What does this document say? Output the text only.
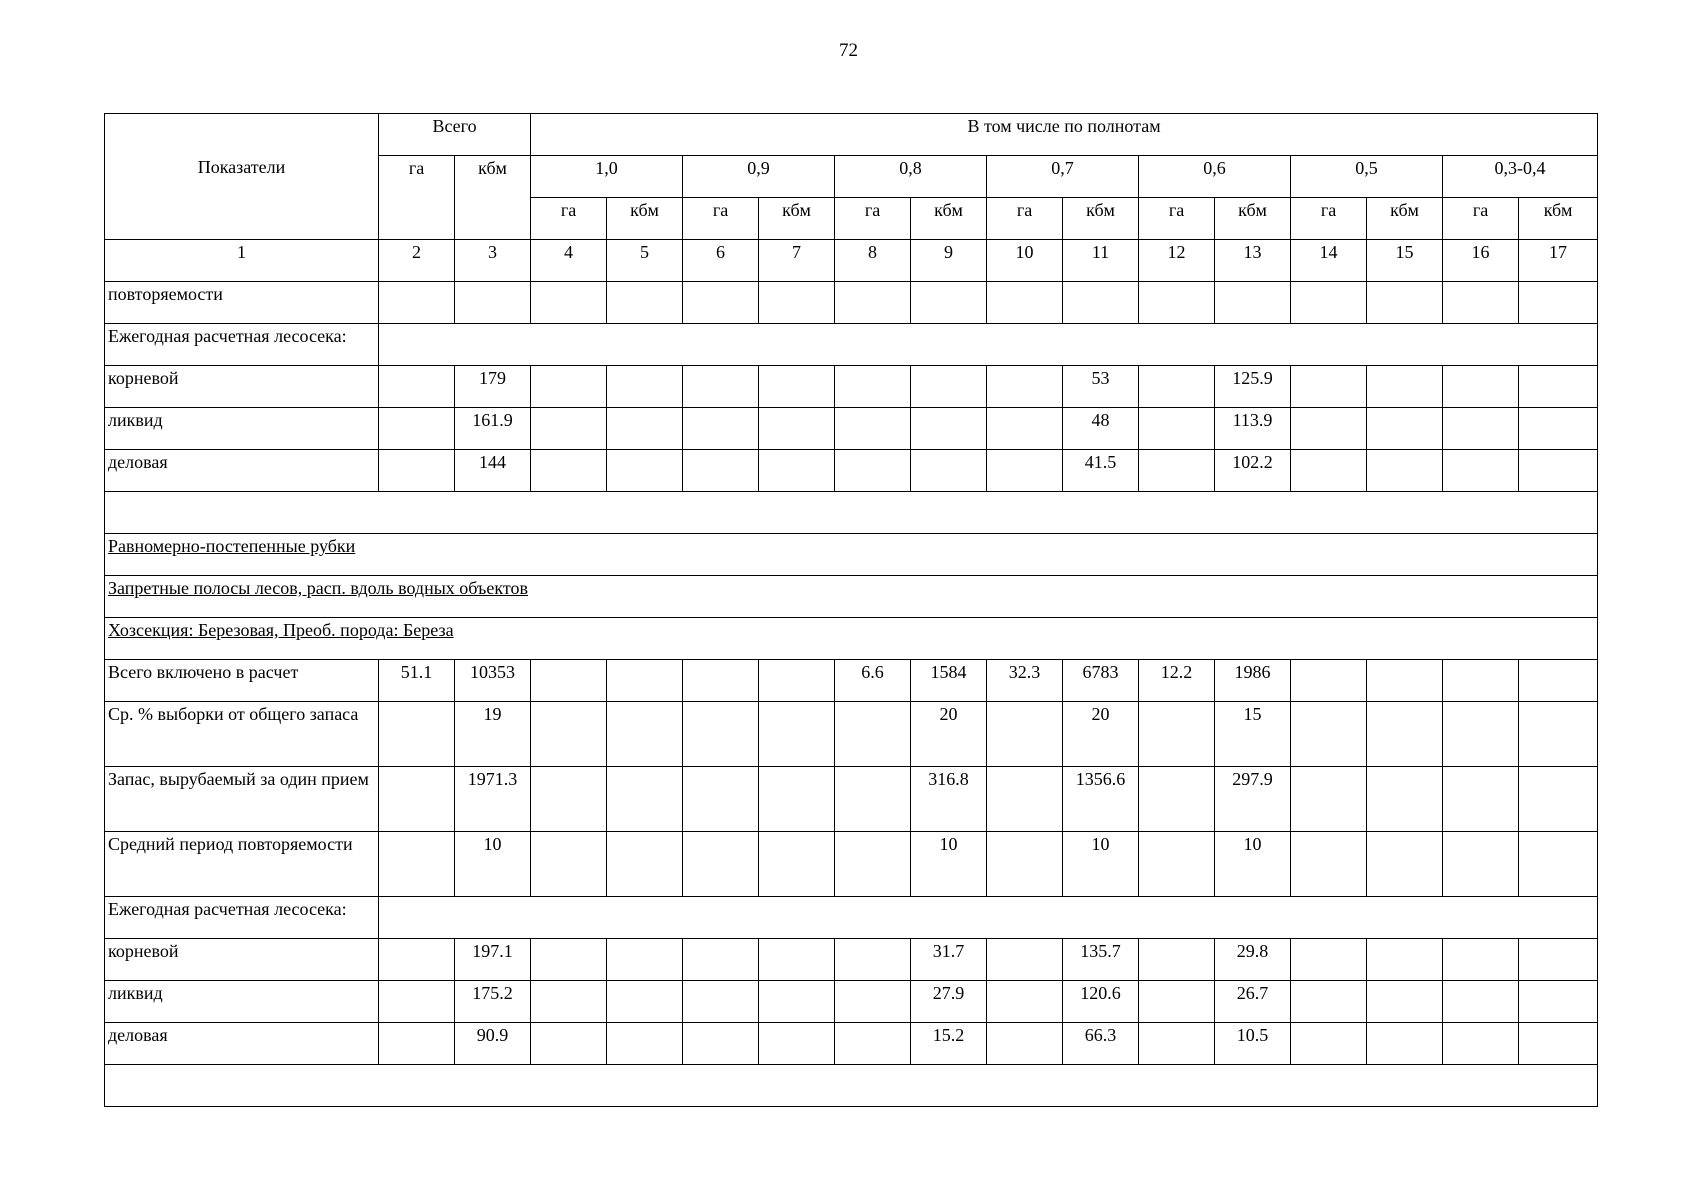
72
Показатели	Всего		В том числе по полнотам													
	га	кбм	1,0		0,9		0,8		0,7		0,6		0,5		0,3-0,4	
			га	кбм	га	кбм	га	кбм	га	кбм	га	кбм	га	кбм	га	кбм
1	2	3	4	5	6	7	8	9	10	11	12	13	14	15	16	17
повторяемости																
Ежегодная расчетная лесосека:																
корневой		179								53		125.9				
ликвид		161.9								48		113.9				
деловая		144								41.5		102.2				

Равномерно-постепенные рубки																
Запретные полосы лесов, расп. вдоль водных объектов																
Хозсекция: Березовая, Преоб. порода: Береза																
Всего включено в расчет	51.1	10353					6.6	1584	32.3	6783	12.2	1986				
Ср. % выборки от общего запаса		19						20		20		15				
Запас, вырубаемый за один прием		1971.3						316.8		1356.6		297.9				
Средний период повторяемости		10						10		10		10				
Ежегодная расчетная лесосека:																
корневой		197.1						31.7		135.7		29.8				
ликвид		175.2						27.9		120.6		26.7				
деловая		90.9						15.2		66.3		10.5				
